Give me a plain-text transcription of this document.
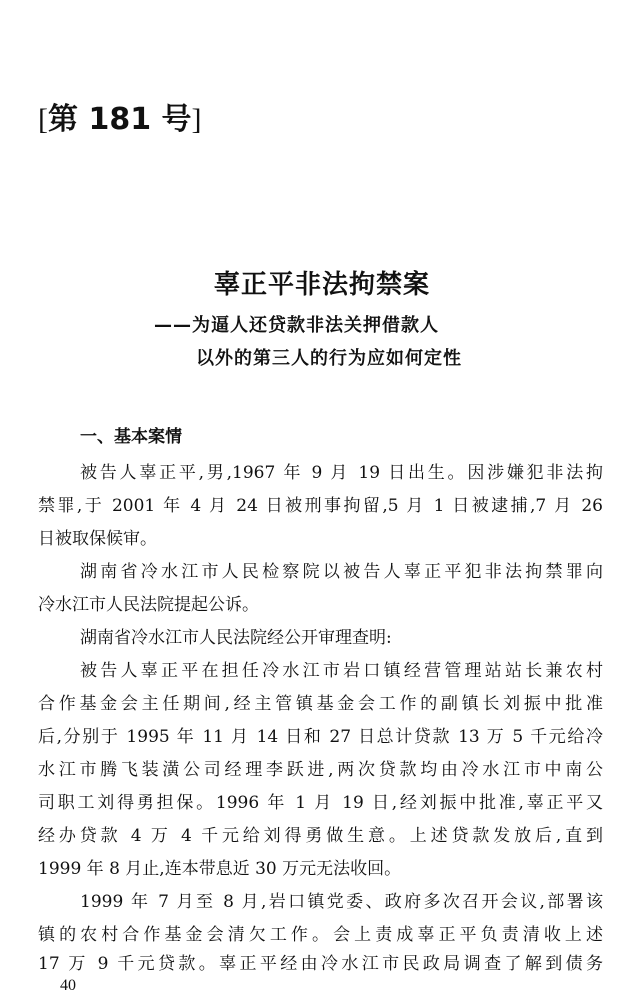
[第 181 号]
辜正平非法拘禁案
——为逼人还贷款非法关押借款人
以外的第三人的行为应如何定性
一、基本案情
被告人辜正平,男,1967 年 9 月 19 日出生。因涉嫌犯非法拘
禁罪,于 2001 年 4 月 24 日被刑事拘留,5 月 1 日被逮捕,7 月 26
日被取保候审。
湖南省冷水江市人民检察院以被告人辜正平犯非法拘禁罪向
冷水江市人民法院提起公诉。
湖南省冷水江市人民法院经公开审理查明:
被告人辜正平在担任冷水江市岩口镇经营管理站站长兼农村
合作基金会主任期间,经主管镇基金会工作的副镇长刘振中批准
后,分别于 1995 年 11 月 14 日和 27 日总计贷款 13 万 5 千元给冷
水江市腾飞装潢公司经理李跃进,两次贷款均由冷水江市中南公
司职工刘得勇担保。1996 年 1 月 19 日,经刘振中批准,辜正平又
经办贷款 4 万 4 千元给刘得勇做生意。上述贷款发放后,直到
1999 年 8 月止,连本带息近 30 万元无法收回。
1999 年 7 月至 8 月,岩口镇党委、政府多次召开会议,部署该
镇的农村合作基金会清欠工作。会上责成辜正平负责清收上述
17 万 9 千元贷款。辜正平经由冷水江市民政局调查了解到债务
40
